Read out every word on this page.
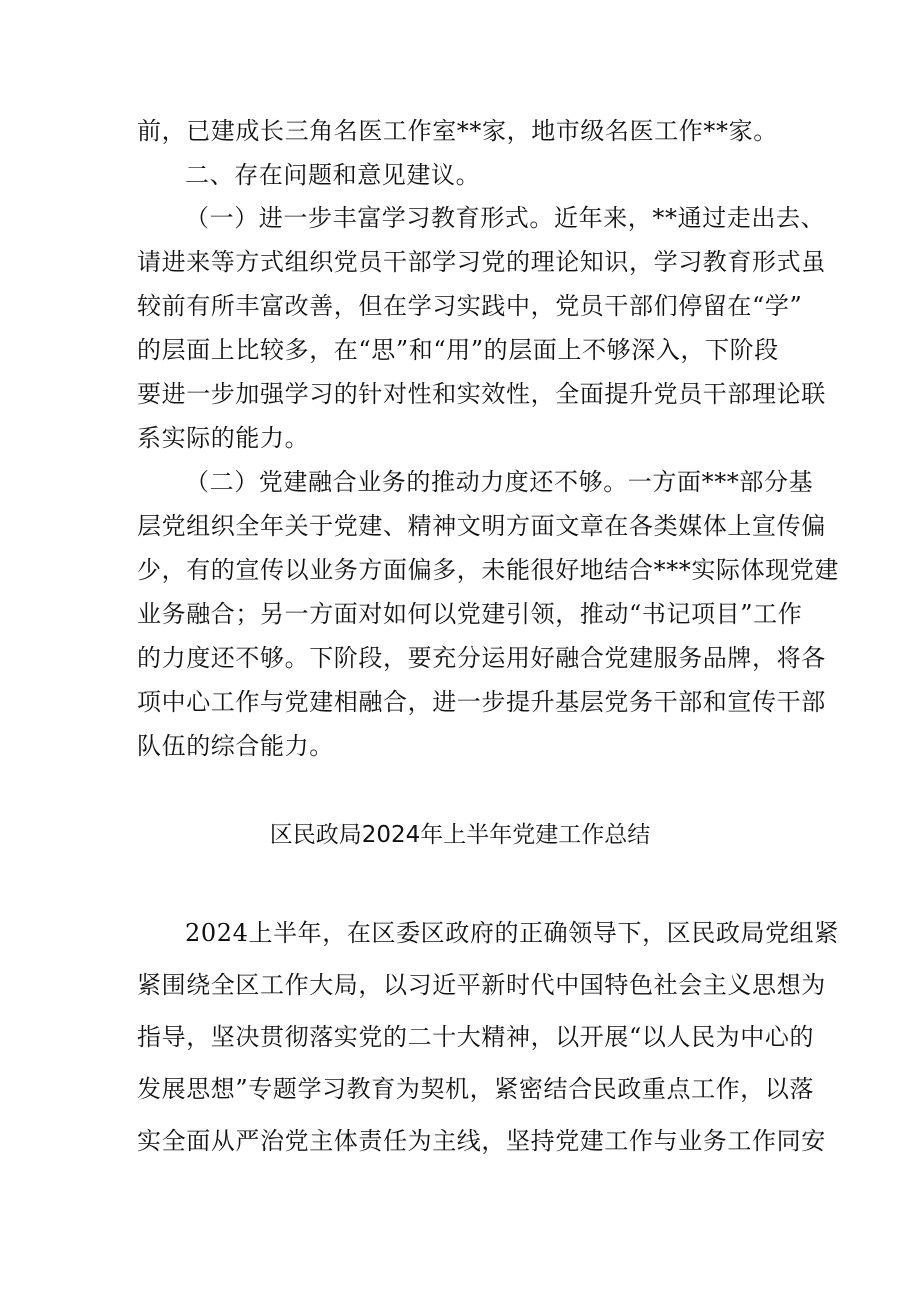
前，已建成长三角名医工作室**家，地市级名医工作**家。
二、存在问题和意见建议。
（一）进一步丰富学习教育形式。近年来，**通过走出去、
请进来等方式组织党员干部学习党的理论知识，学习教育形式虽
较前有所丰富改善，但在学习实践中，党员干部们停留在“学”
的层面上比较多，在“思”和“用”的层面上不够深入，下阶段
要进一步加强学习的针对性和实效性，全面提升党员干部理论联
系实际的能力。
（二）党建融合业务的推动力度还不够。一方面***部分基
层党组织全年关于党建、精神文明方面文章在各类媒体上宣传偏
少，有的宣传以业务方面偏多，未能很好地结合***实际体现党建
业务融合；另一方面对如何以党建引领，推动“书记项目”工作
的力度还不够。下阶段，要充分运用好融合党建服务品牌，将各
项中心工作与党建相融合，进一步提升基层党务干部和宣传干部
队伍的综合能力。
区民政局2024年上半年党建工作总结
2024上半年，在区委区政府的正确领导下，区民政局党组紧
紧围绕全区工作大局，以习近平新时代中国特色社会主义思想为
指导，坚决贯彻落实党的二十大精神，以开展“以人民为中心的
发展思想”专题学习教育为契机，紧密结合民政重点工作，以落
实全面从严治党主体责任为主线，坚持党建工作与业务工作同安
